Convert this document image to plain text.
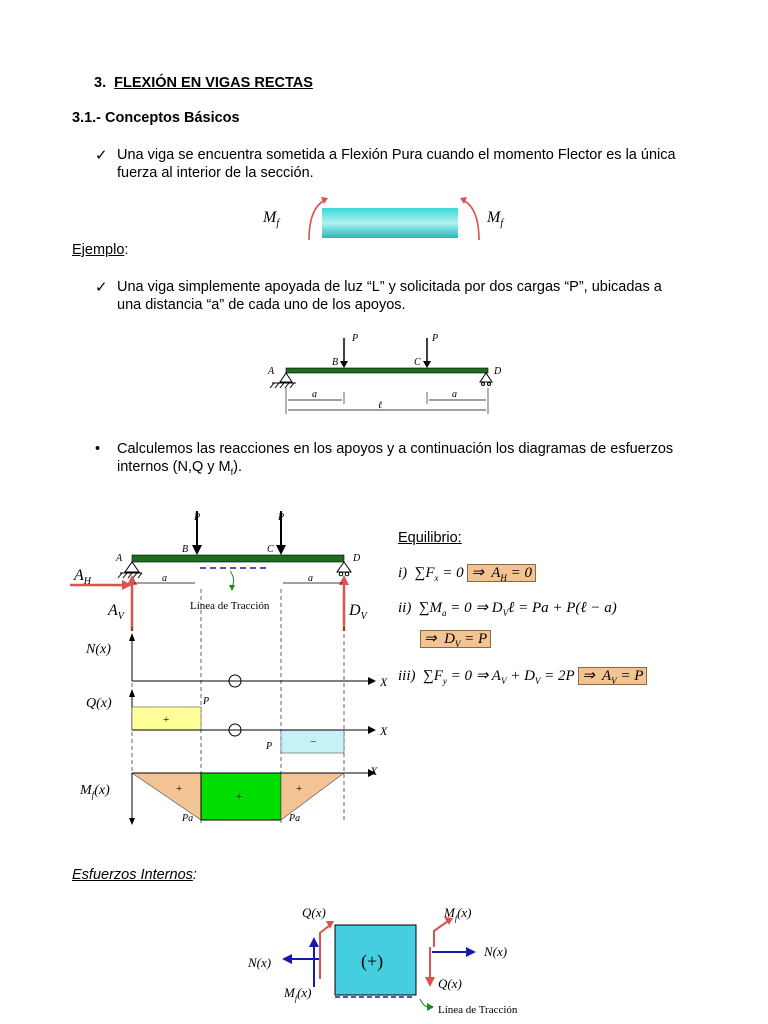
3. FLEXIÓN EN VIGAS RECTAS
3.1.- Conceptos Básicos
✓ Una viga se encuentra sometida a Flexión Pura cuando el momento Flector es la única
fuerza al interior de la sección.
$M_f$	$M_f$
Ejemplo:
✓ Una viga simplemente apoyada de luz “L” y solicitada por dos cargas “P”, ubicadas a
una distancia “a” de cada uno de los apoyos.
P	P
B	C
A	D
a	a
ℓ
• Calculemos las reacciones en los apoyos y a continuación los diagramas de esfuerzos
internos (N,Q y $M_f$).
P	P
B	C
A	D
$A_H$
$A_V$	$D_V$
a	a
Línea de Tracción
X
N(x)
X
Q(x)
+
−
P
P
X
$M_f(x)$	+
+
+
Pa	Pa
Equilibrio:
i) $\sum F_x = 0$ ⇒ $A_H = 0$
ii) $\sum M_a = 0$ ⇒ $D_V\ell = Pa$ + P(ℓ − a)
⇒ $D_V = P$
iii) $\sum F_y = 0$ ⇒ $A_V + D_V = 2P$ ⇒ $A_V = P$
Esfuerzos Internos:
(+)
Línea de Tracción
Q(x)
N(x)
$M_f(x)$
$M_f(x)$
N(x)
Q(x)
